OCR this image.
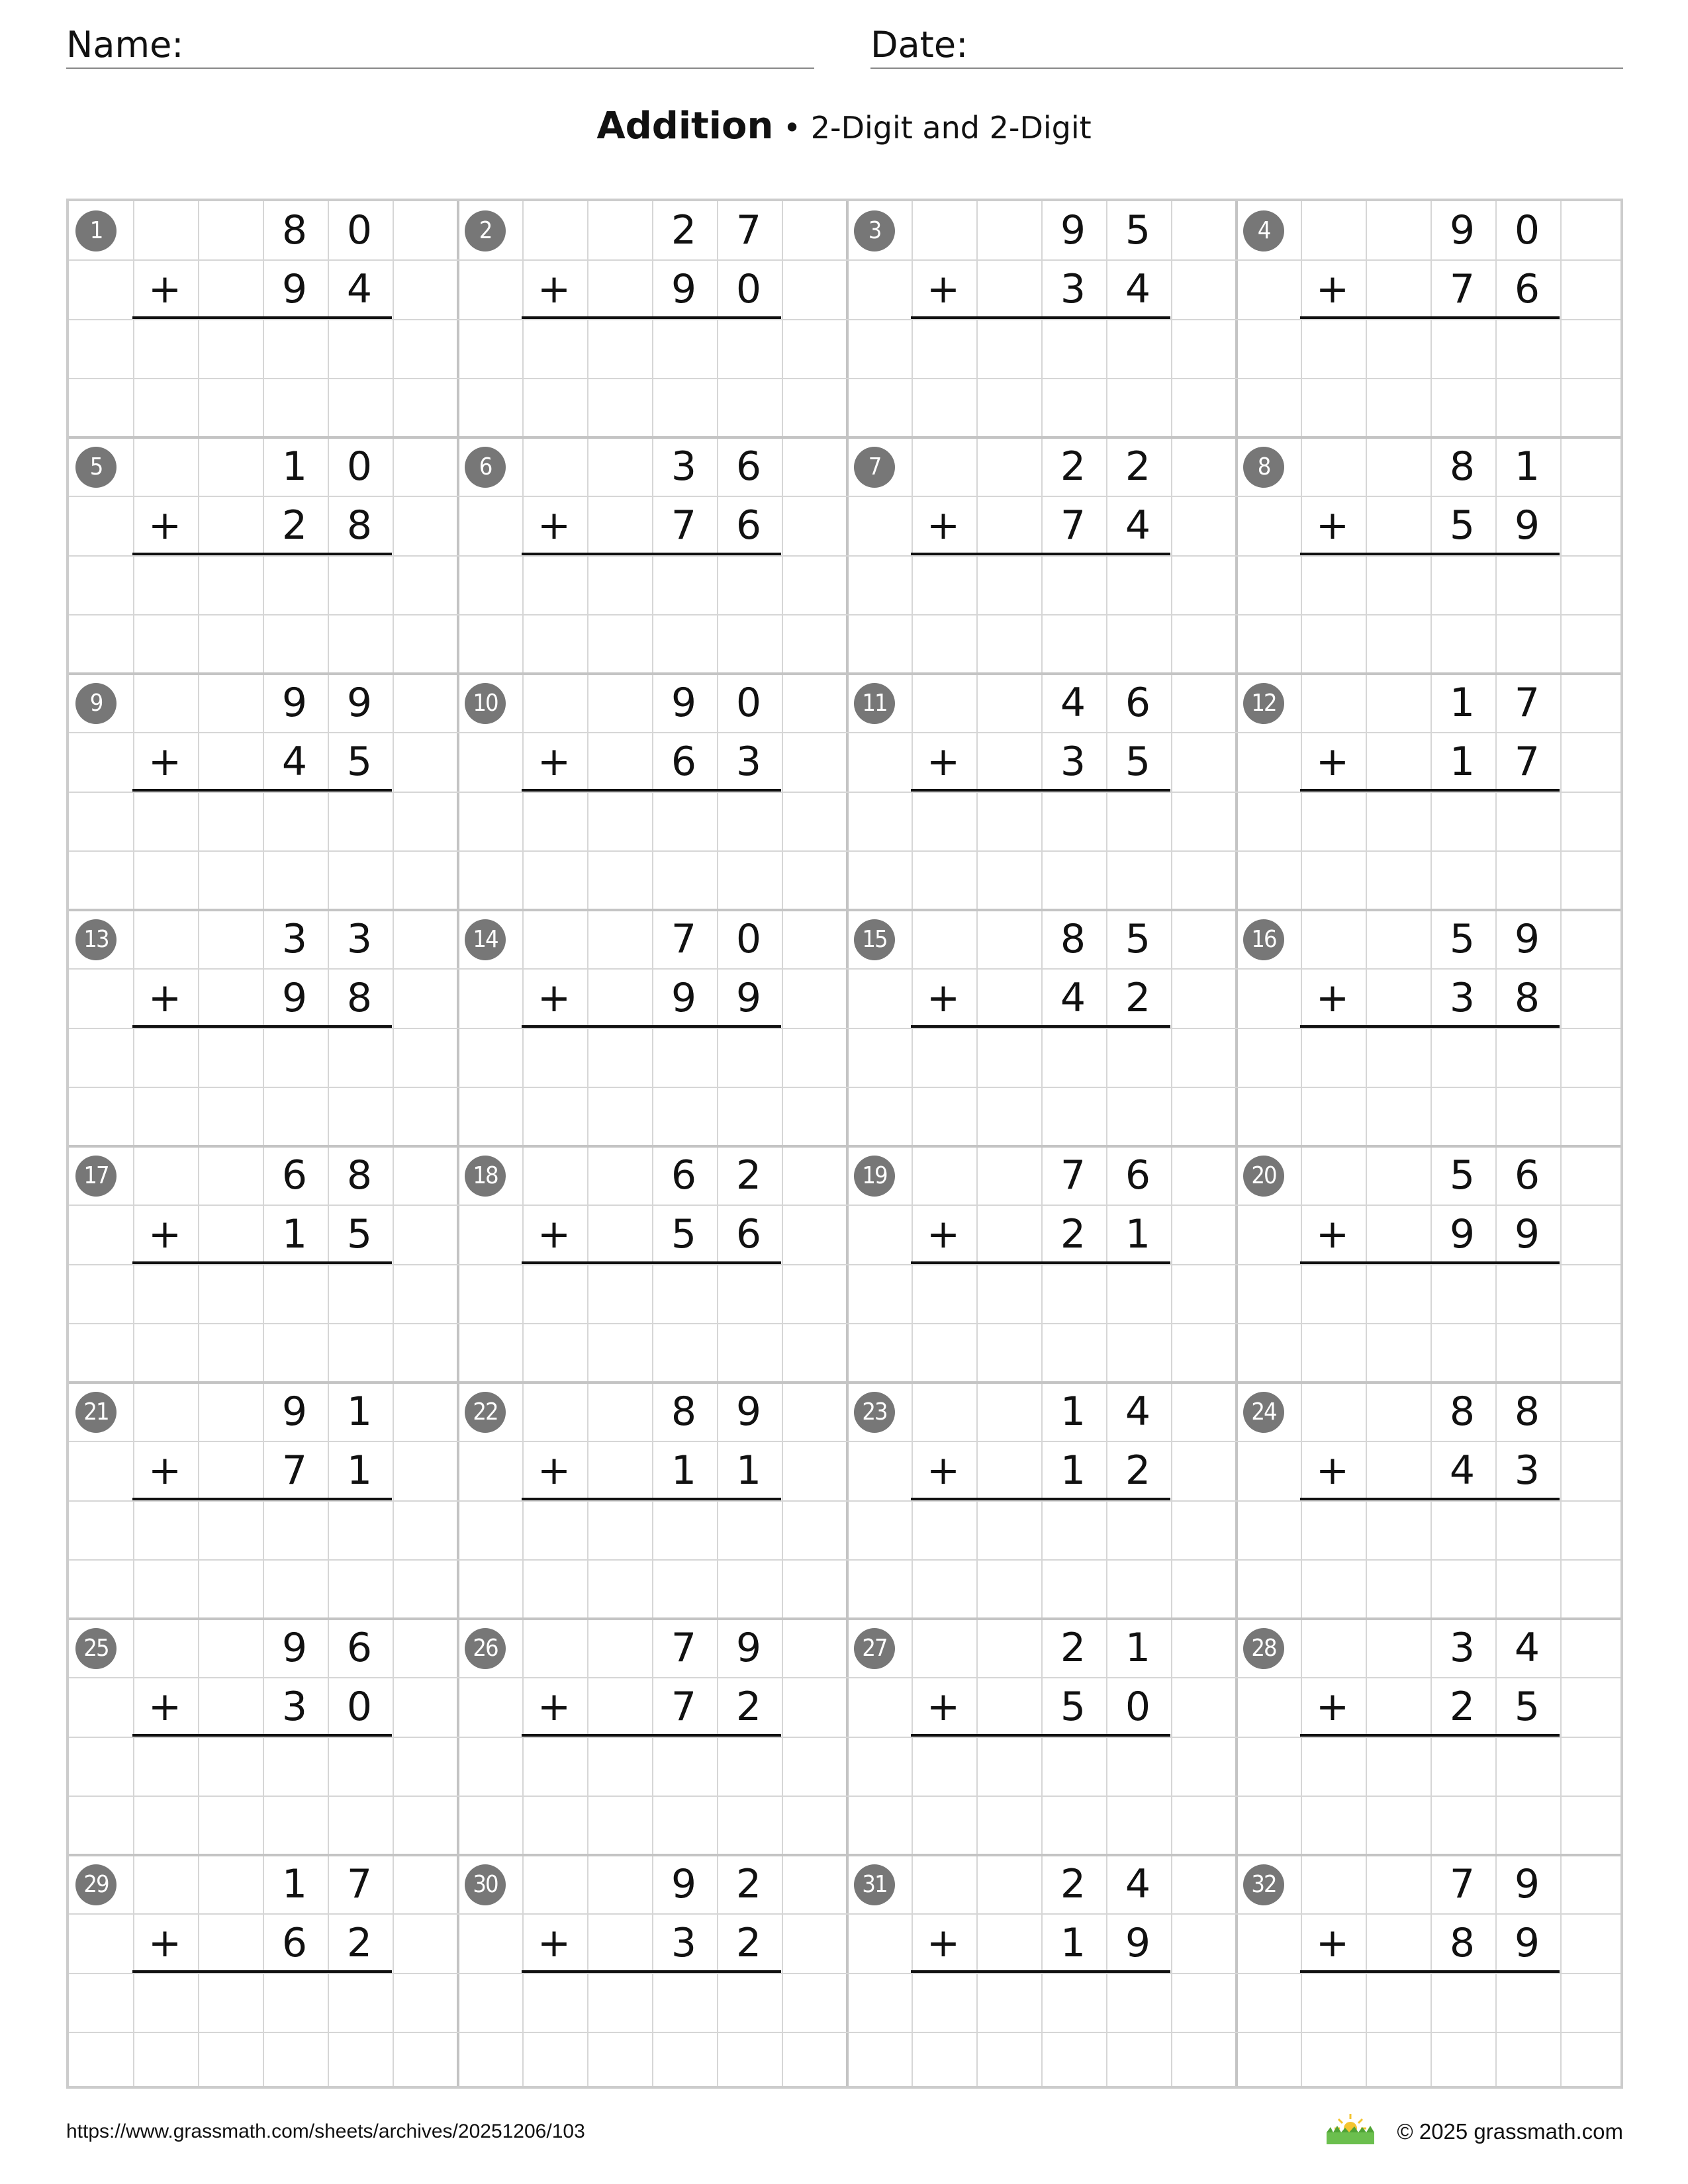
Name:	Date:
Addition • 2-Digit and 2-Digit
1	8 0
+	9 4
2	2 7
+	9 0
3	9 5
+	3 4
4	9 0
+	7 6
5	1 0
+	2 8
6	3 6
+	7 6
7	2 2
+	7 4
8	8 1
+	5 9
9	9 9
+	4 5
10	9 0
+	6 3
11	4 6
+	3 5
12	1 7
+	1 7
13	3 3
+	9 8
14	7 0
+	9 9
15	8 5
+	4 2
16	5 9
+	3 8
17	6 8
+	1 5
18	6 2
+	5 6
19	7 6
+	2 1
20	5 6
+	9 9
21	9 1
+	7 1
22	8 9
+	1 1
23	1 4
+	1 2
24	8 8
+	4 3
25	9 6
+	3 0
26	7 9
+	7 2
27	2 1
+	5 0
28	3 4
+	2 5
29	1 7
+	6 2
30	9 2
+	3 2
31	2 4
+	1 9
32	7 9
+	8 9
https://www.grassmath.com/sheets/archives/20251206/103	© 2025 grassmath.com
